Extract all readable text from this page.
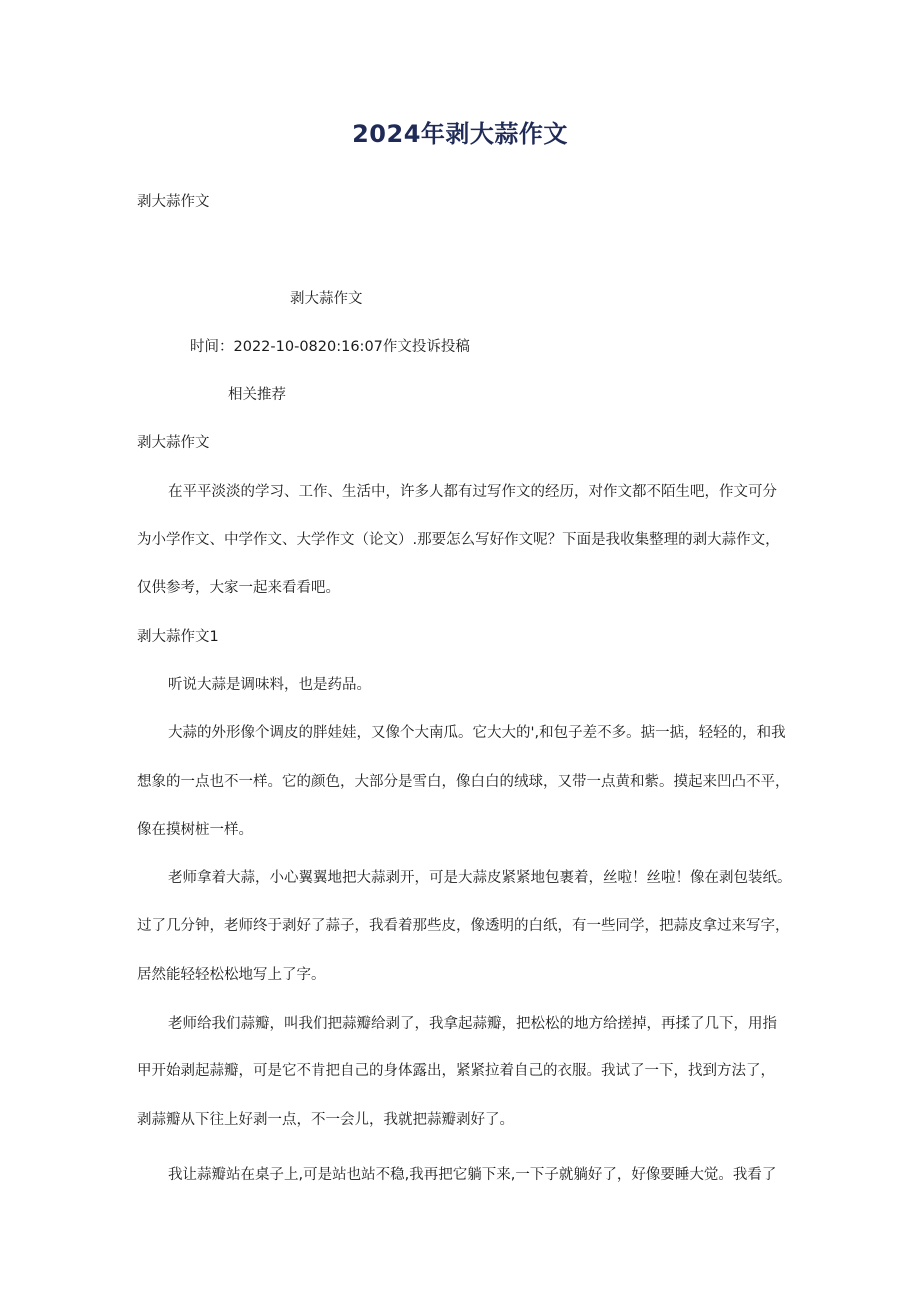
2024年剥大蒜作文
剥大蒜作文
剥大蒜作文
时间：2022-10-0820:16:07作文投诉投稿
相关推荐
剥大蒜作文
在平平淡淡的学习、工作、生活中，许多人都有过写作文的经历，对作文都不陌生吧，作文可分
为小学作文、中学作文、大学作文（论文）.那要怎么写好作文呢？下面是我收集整理的剥大蒜作文，
仅供参考，大家一起来看看吧。
剥大蒜作文1
听说大蒜是调味料，也是药品。
大蒜的外形像个调皮的胖娃娃，又像个大南瓜。它大大的',和包子差不多。掂一掂，轻轻的，和我
想象的一点也不一样。它的颜色，大部分是雪白，像白白的绒球，又带一点黄和紫。摸起来凹凸不平，
像在摸树桩一样。
老师拿着大蒜，小心翼翼地把大蒜剥开，可是大蒜皮紧紧地包裹着，丝啦！丝啦！像在剥包装纸。
过了几分钟，老师终于剥好了蒜子，我看着那些皮，像透明的白纸，有一些同学，把蒜皮拿过来写字，
居然能轻轻松松地写上了字。
老师给我们蒜瓣，叫我们把蒜瓣给剥了，我拿起蒜瓣，把松松的地方给搓掉，再揉了几下，用指
甲开始剥起蒜瓣，可是它不肯把自己的身体露出，紧紧拉着自己的衣服。我试了一下，找到方法了，
剥蒜瓣从下往上好剥一点，不一会儿，我就把蒜瓣剥好了。
我让蒜瓣站在桌子上,可是站也站不稳,我再把它躺下来,一下子就躺好了，好像要睡大觉。我看了
